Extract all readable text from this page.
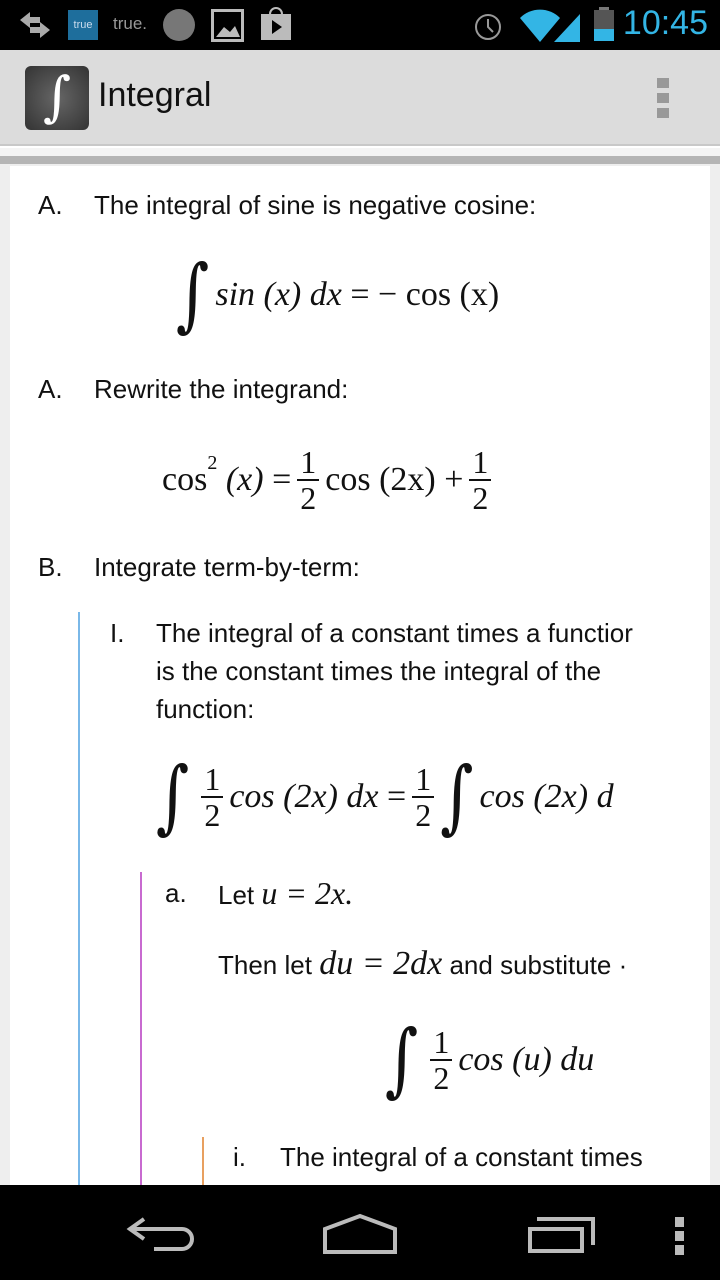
true	true.	10:45
∫ Integral
A. The integral of sine is negative cosine:
∫ sin (x) dx
=
− cos (x)
A. Rewrite the integrand:
$\cos^2$
(x)
= $\frac{1}{2}$ $\cos (2x) + \frac{1}{2}$
B. Integrate term-by-term:
I. The integral of a constant times a functior
is the constant times the integral of the
function:
∫ $\frac{1}{2}$ cos (2x) dx
= $\frac{1}{2}$ ∫ cos (2x) d
a. Let u = 2x.
Then let du = 2dx and substitute ·
∫ $\frac{1}{2}$ cos (u) du
i. The integral of a constant times
